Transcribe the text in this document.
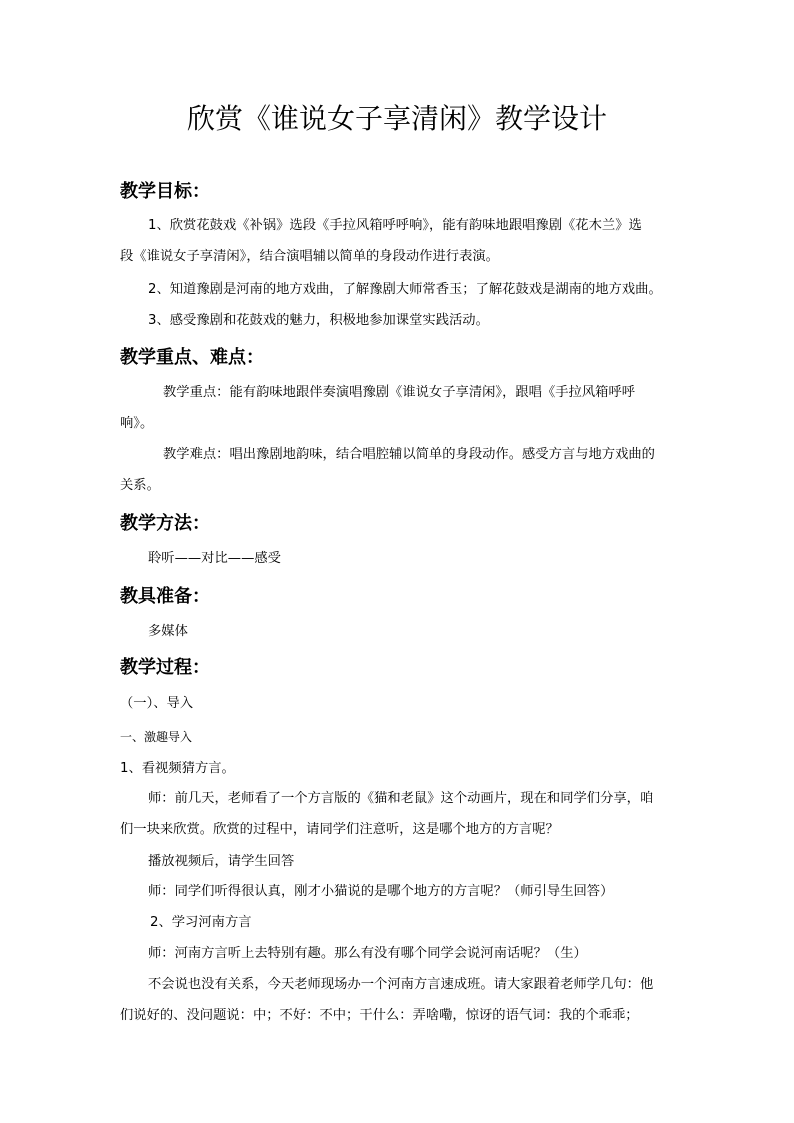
欣赏《谁说女子享清闲》教学设计
教学目标：
1、欣赏花鼓戏《补锅》选段《手拉风箱呼呼响》，能有韵味地跟唱豫剧《花木兰》选
段《谁说女子享清闲》，结合演唱辅以简单的身段动作进行表演。
2、知道豫剧是河南的地方戏曲，了解豫剧大师常香玉；了解花鼓戏是湖南的地方戏曲。
3、感受豫剧和花鼓戏的魅力，积极地参加课堂实践活动。
教学重点、难点：
教学重点：能有韵味地跟伴奏演唱豫剧《谁说女子享清闲》，跟唱《手拉风箱呼呼
响》。
教学难点：唱出豫剧地韵味，结合唱腔辅以简单的身段动作。感受方言与地方戏曲的
关系。
教学方法：
聆听——对比——感受
教具准备：
多媒体
教学过程：
（一）、导入
一、激趣导入
1、看视频猜方言。
师：前几天，老师看了一个方言版的《猫和老鼠》这个动画片，现在和同学们分享，咱
们一块来欣赏。欣赏的过程中，请同学们注意听，这是哪个地方的方言呢？
播放视频后，请学生回答
师：同学们听得很认真，刚才小猫说的是哪个地方的方言呢？（师引导生回答）
2、学习河南方言
师：河南方言听上去特别有趣。那么有没有哪个同学会说河南话呢？（生）
不会说也没有关系，今天老师现场办一个河南方言速成班。请大家跟着老师学几句：他
们说好的、没问题说：中；不好：不中；干什么：弄啥嘞，惊讶的语气词：我的个乖乖；
